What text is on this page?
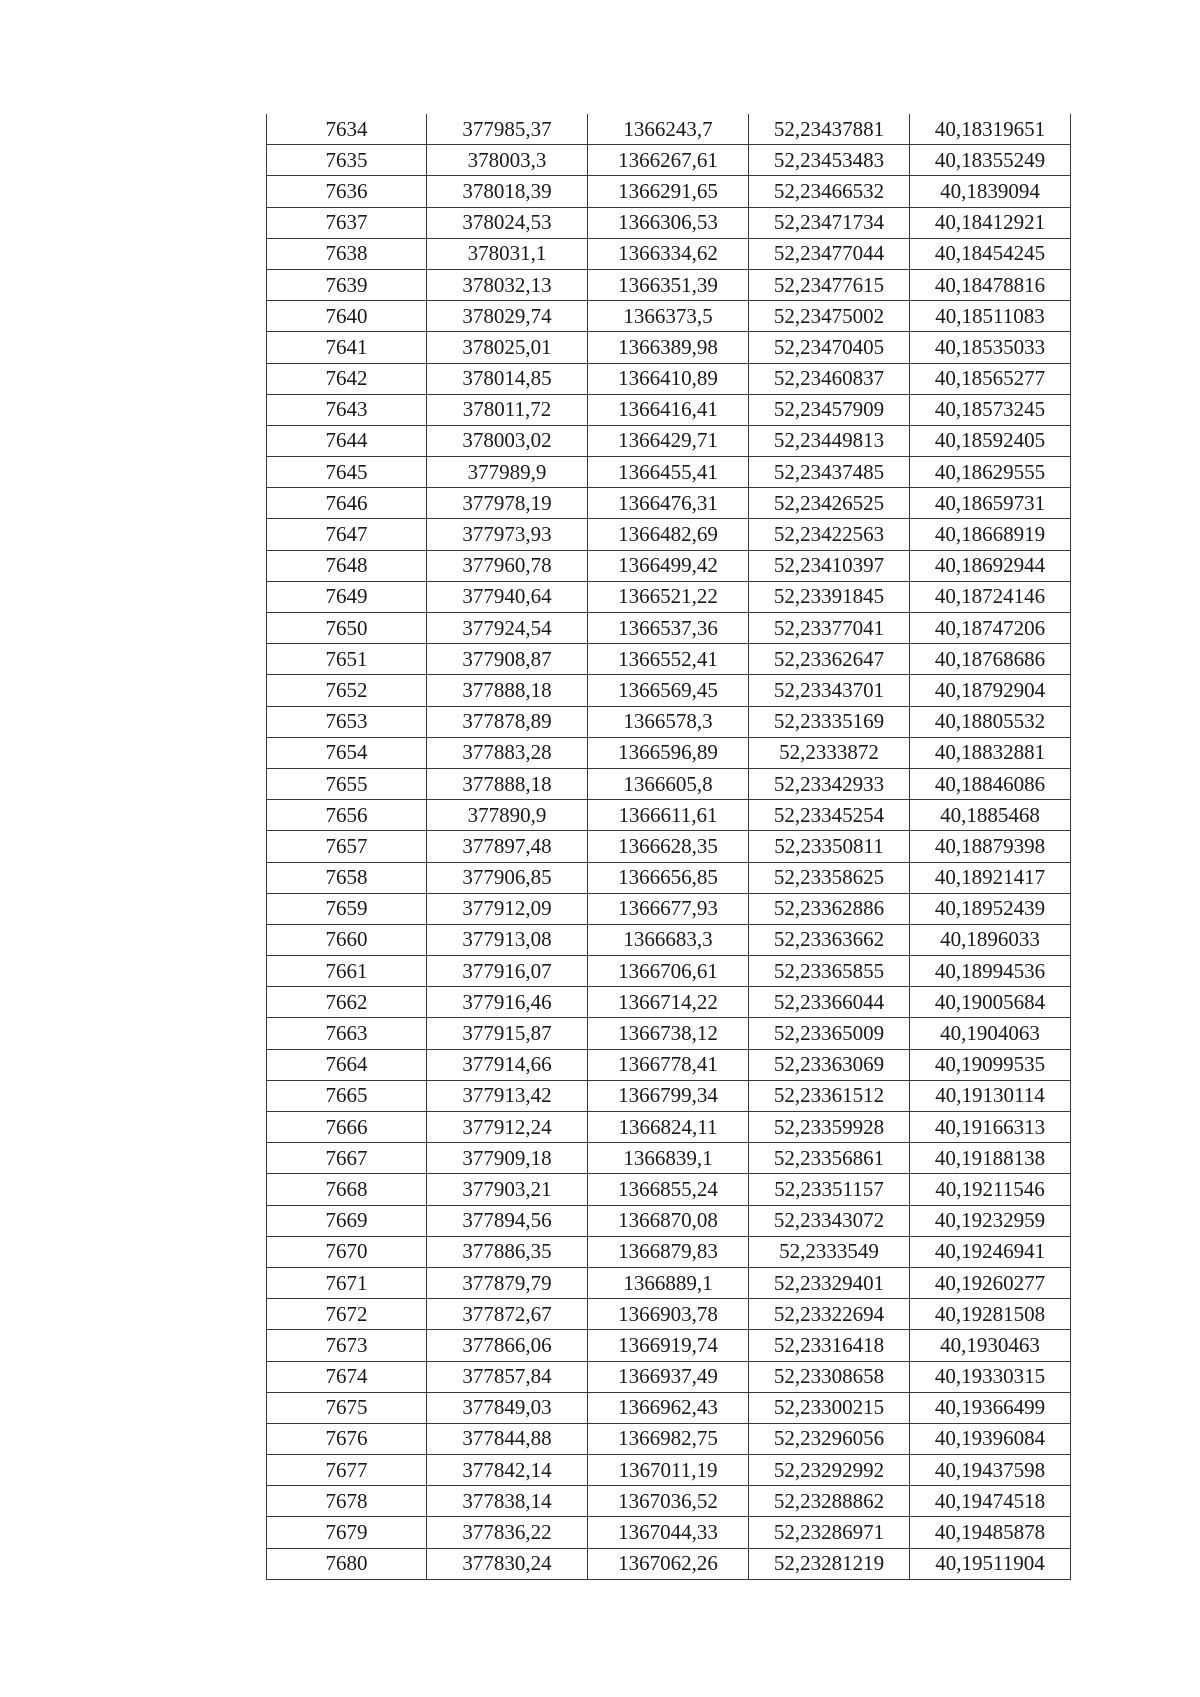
7634	377985,37	1366243,7	52,23437881	40,18319651
7635	378003,3	1366267,61	52,23453483	40,18355249
7636	378018,39	1366291,65	52,23466532	40,1839094
7637	378024,53	1366306,53	52,23471734	40,18412921
7638	378031,1	1366334,62	52,23477044	40,18454245
7639	378032,13	1366351,39	52,23477615	40,18478816
7640	378029,74	1366373,5	52,23475002	40,18511083
7641	378025,01	1366389,98	52,23470405	40,18535033
7642	378014,85	1366410,89	52,23460837	40,18565277
7643	378011,72	1366416,41	52,23457909	40,18573245
7644	378003,02	1366429,71	52,23449813	40,18592405
7645	377989,9	1366455,41	52,23437485	40,18629555
7646	377978,19	1366476,31	52,23426525	40,18659731
7647	377973,93	1366482,69	52,23422563	40,18668919
7648	377960,78	1366499,42	52,23410397	40,18692944
7649	377940,64	1366521,22	52,23391845	40,18724146
7650	377924,54	1366537,36	52,23377041	40,18747206
7651	377908,87	1366552,41	52,23362647	40,18768686
7652	377888,18	1366569,45	52,23343701	40,18792904
7653	377878,89	1366578,3	52,23335169	40,18805532
7654	377883,28	1366596,89	52,2333872	40,18832881
7655	377888,18	1366605,8	52,23342933	40,18846086
7656	377890,9	1366611,61	52,23345254	40,1885468
7657	377897,48	1366628,35	52,23350811	40,18879398
7658	377906,85	1366656,85	52,23358625	40,18921417
7659	377912,09	1366677,93	52,23362886	40,18952439
7660	377913,08	1366683,3	52,23363662	40,1896033
7661	377916,07	1366706,61	52,23365855	40,18994536
7662	377916,46	1366714,22	52,23366044	40,19005684
7663	377915,87	1366738,12	52,23365009	40,1904063
7664	377914,66	1366778,41	52,23363069	40,19099535
7665	377913,42	1366799,34	52,23361512	40,19130114
7666	377912,24	1366824,11	52,23359928	40,19166313
7667	377909,18	1366839,1	52,23356861	40,19188138
7668	377903,21	1366855,24	52,23351157	40,19211546
7669	377894,56	1366870,08	52,23343072	40,19232959
7670	377886,35	1366879,83	52,2333549	40,19246941
7671	377879,79	1366889,1	52,23329401	40,19260277
7672	377872,67	1366903,78	52,23322694	40,19281508
7673	377866,06	1366919,74	52,23316418	40,1930463
7674	377857,84	1366937,49	52,23308658	40,19330315
7675	377849,03	1366962,43	52,23300215	40,19366499
7676	377844,88	1366982,75	52,23296056	40,19396084
7677	377842,14	1367011,19	52,23292992	40,19437598
7678	377838,14	1367036,52	52,23288862	40,19474518
7679	377836,22	1367044,33	52,23286971	40,19485878
7680	377830,24	1367062,26	52,23281219	40,19511904
